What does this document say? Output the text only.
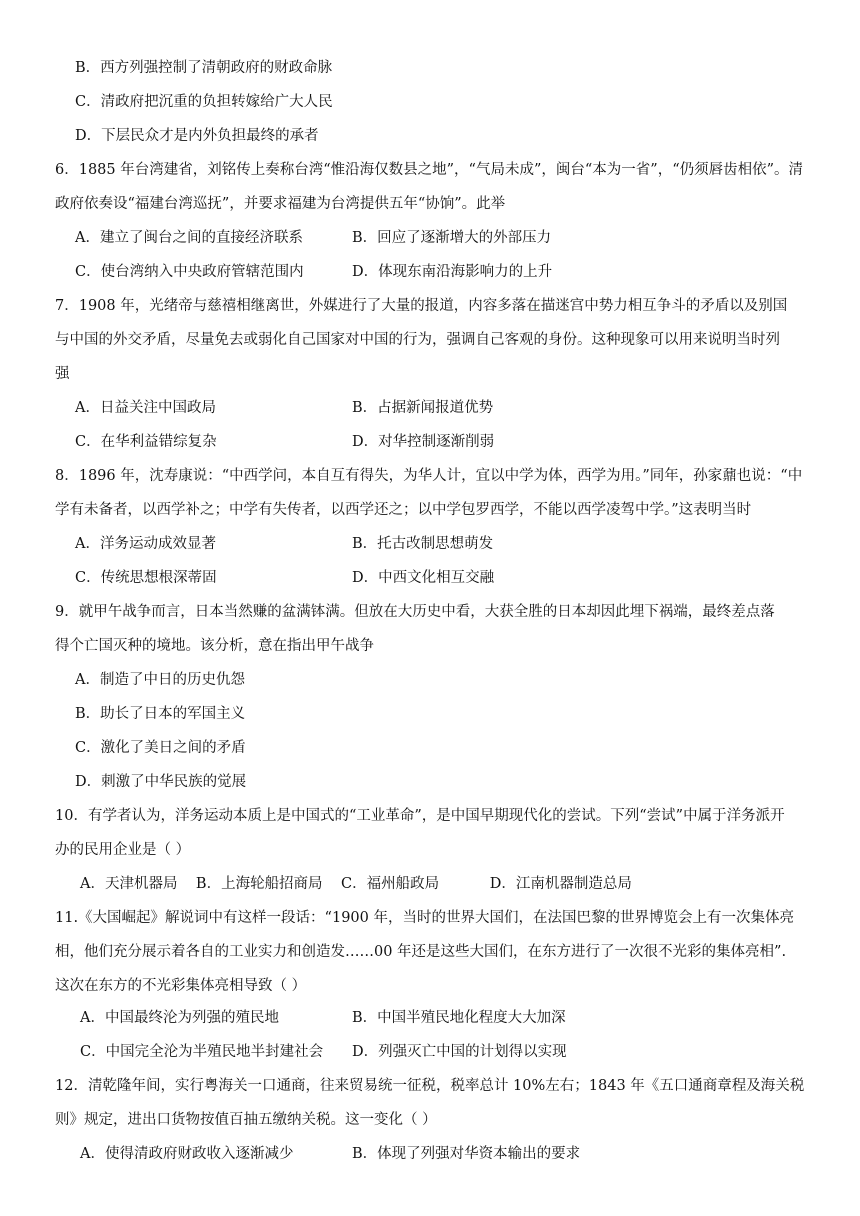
B．西方列强控制了清朝政府的财政命脉
C．清政府把沉重的负担转嫁给广大人民
D．下层民众才是内外负担最终的承者
6．1885 年台湾建省，刘铭传上奏称台湾“惟沿海仅数县之地”，“气局未成”，闽台“本为一省”，“仍须唇齿相依”。清
政府依奏设“福建台湾巡抚”，并要求福建为台湾提供五年“协饷”。此举
A．建立了闽台之间的直接经济联系	B．回应了逐渐增大的外部压力
C．使台湾纳入中央政府管辖范围内	D．体现东南沿海影响力的上升
7．1908 年，光绪帝与慈禧相继离世，外媒进行了大量的报道，内容多落在描迷宫中势力相互争斗的矛盾以及别国
与中国的外交矛盾，尽量免去或弱化自己国家对中国的行为，强调自己客观的身份。这种现象可以用来说明当时列
强
A．日益关注中国政局	B．占据新闻报道优势
C．在华利益错综复杂	D．对华控制逐渐削弱
8．1896 年，沈寿康说：“中西学问，本自互有得失，为华人计，宜以中学为体，西学为用。”同年，孙家鼐也说：“中
学有未备者，以西学补之；中学有失传者，以西学还之；以中学包罗西学，不能以西学凌驾中学。”这表明当时
A．洋务运动成效显著	B．托古改制思想萌发
C．传统思想根深蒂固	D．中西文化相互交融
9．就甲午战争而言，日本当然赚的盆满钵满。但放在大历史中看，大获全胜的日本却因此埋下祸端，最终差点落
得个亡国灭种的境地。该分析，意在指出甲午战争
A．制造了中日的历史仇怨
B．助长了日本的军国主义
C．激化了美日之间的矛盾
D．刺激了中华民族的觉展
10．有学者认为，洋务运动本质上是中国式的“工业革命”，是中国早期现代化的尝试。下列“尝试”中属于洋务派开
办的民用企业是（ ）
A．天津机器局    B．上海轮船招商局    C．福州船政局           D．江南机器制造总局
11.《大国崛起》解说词中有这样一段话：“1900 年，当时的世界大国们，在法国巴黎的世界博览会上有一次集体亮
相，他们充分展示着各自的工业实力和创造发……00 年还是这些大国们，在东方进行了一次很不光彩的集体亮相”.
这次在东方的不光彩集体亮相导致（ ）
A．中国最终沦为列强的殖民地	B．中国半殖民地化程度大大加深
C．中国完全沦为半殖民地半封建社会 D．列强灭亡中国的计划得以实现
12．清乾隆年间，实行粤海关一口通商，往来贸易统一征税，税率总计 10%左右；1843 年《五口通商章程及海关税
则》规定，进出口货物按值百抽五缴纳关税。这一变化（ ）
A．使得清政府财政收入逐渐减少	B．体现了列强对华资本输出的要求
